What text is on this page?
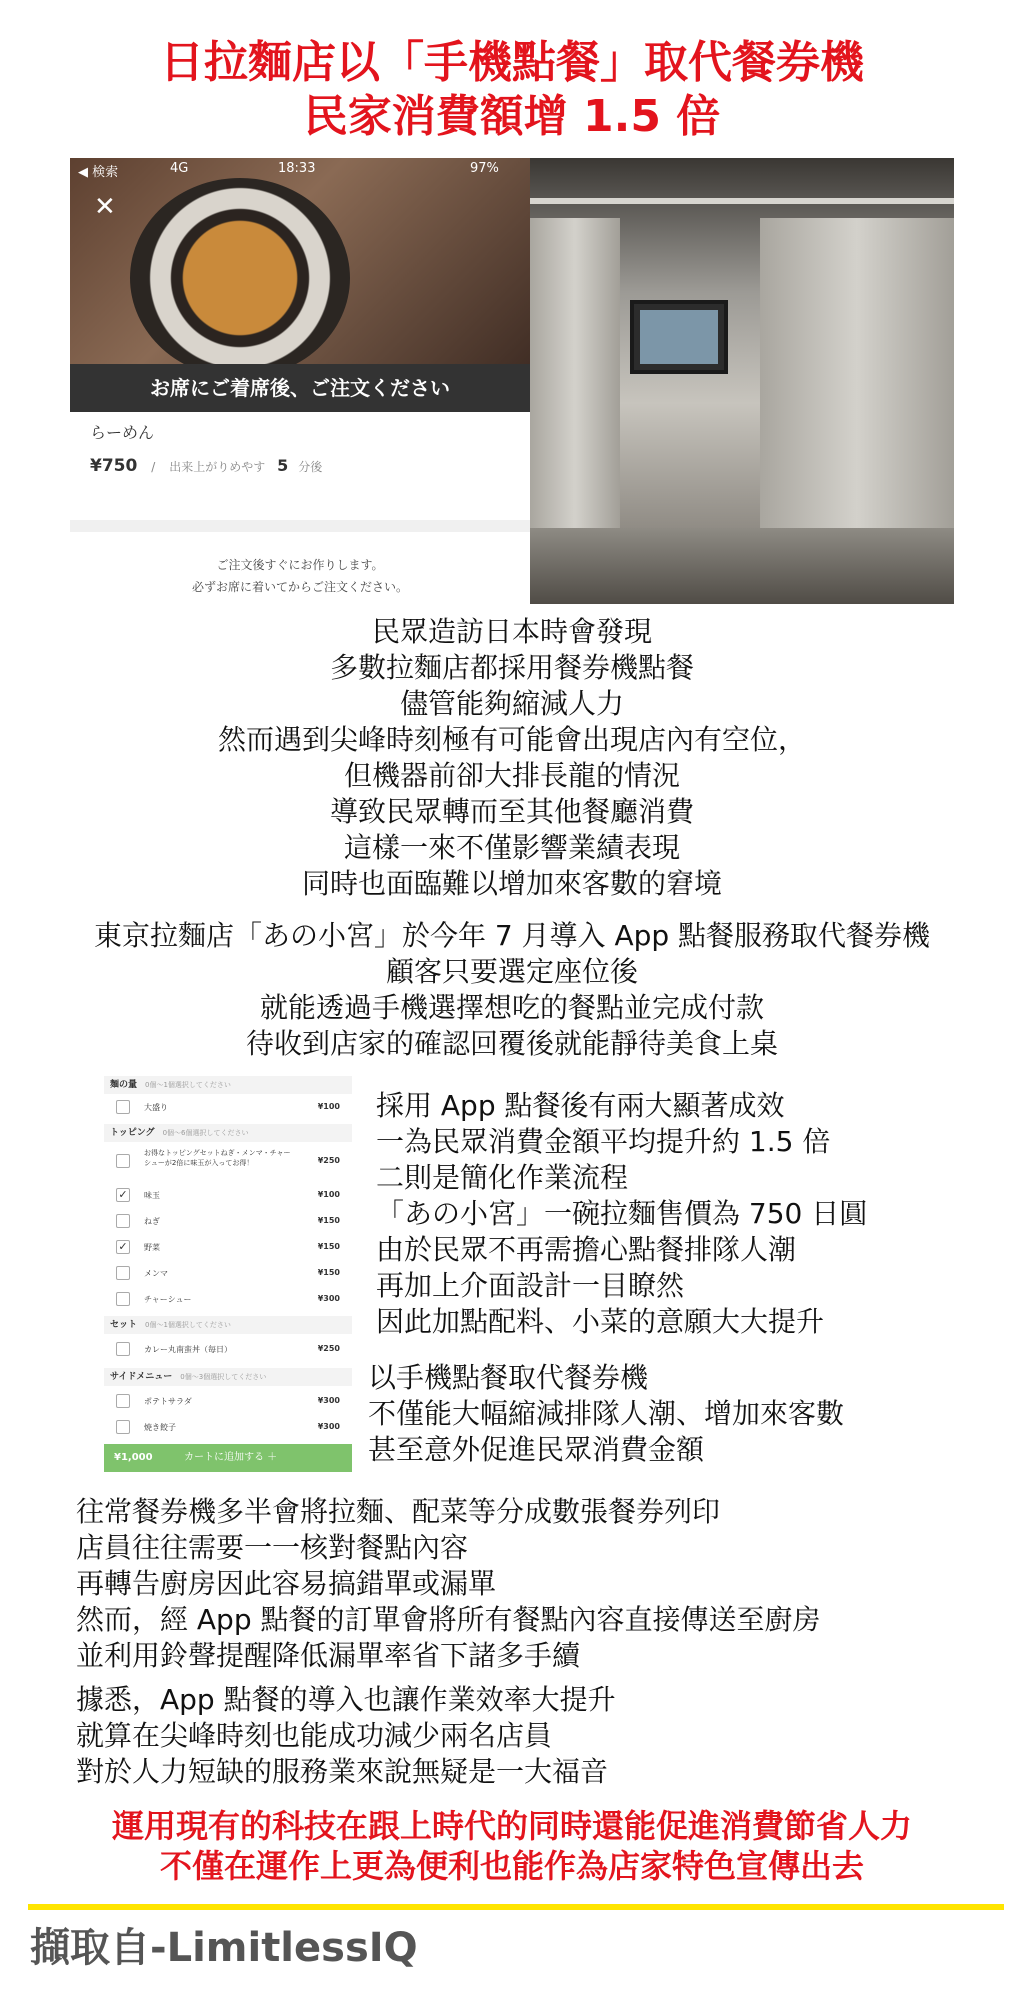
日拉麵店以「手機點餐」取代餐券機
民家消費額增 1.5 倍
◀ 検索	4G	18:33	97%
✕
お席にご着席後、ご注文ください
らーめん
¥750 / 出来上がりめやす 5 分後
ご注文後すぐにお作りします。
必ずお席に着いてからご注文ください。
民眾造訪日本時會發現
多數拉麵店都採用餐券機點餐
儘管能夠縮減人力
然而遇到尖峰時刻極有可能會出現店內有空位，
但機器前卻大排長龍的情況
導致民眾轉而至其他餐廳消費
這樣一來不僅影響業績表現
同時也面臨難以增加來客數的窘境
東京拉麵店「あの小宮」於今年 7 月導入 App 點餐服務取代餐券機
顧客只要選定座位後
就能透過手機選擇想吃的餐點並完成付款
待收到店家的確認回覆後就能靜待美食上桌
麺の量 0個〜1個選択してください
大盛り	¥100
トッピング 0個〜6個選択してください
お得なトッピングセットねぎ・メンマ・チャーシューが2倍に味玉が入ってお得！	¥250
✓ 味玉	¥100
ねぎ	¥150
✓ 野菜	¥150
メンマ	¥150
チャーシュー	¥300
セット 0個〜1個選択してください
カレー丸南蛮丼（毎日）	¥250
サイドメニュー 0個〜3個選択してください
ポテトサラダ	¥300
焼き餃子	¥300
¥1,000	カートに追加する ＋
採用 App 點餐後有兩大顯著成效
一為民眾消費金額平均提升約 1.5 倍
二則是簡化作業流程
「あの小宮」一碗拉麵售價為 750 日圓
由於民眾不再需擔心點餐排隊人潮
再加上介面設計一目瞭然
因此加點配料、小菜的意願大大提升
以手機點餐取代餐券機
不僅能大幅縮減排隊人潮、增加來客數
甚至意外促進民眾消費金額
往常餐券機多半會將拉麵、配菜等分成數張餐券列印
店員往往需要一一核對餐點內容
再轉告廚房因此容易搞錯單或漏單
然而，經 App 點餐的訂單會將所有餐點內容直接傳送至廚房
並利用鈴聲提醒降低漏單率省下諸多手續
據悉，App 點餐的導入也讓作業效率大提升
就算在尖峰時刻也能成功減少兩名店員
對於人力短缺的服務業來說無疑是一大福音
運用現有的科技在跟上時代的同時還能促進消費節省人力
不僅在運作上更為便利也能作為店家特色宣傳出去
擷取自-LimitlessIQ
